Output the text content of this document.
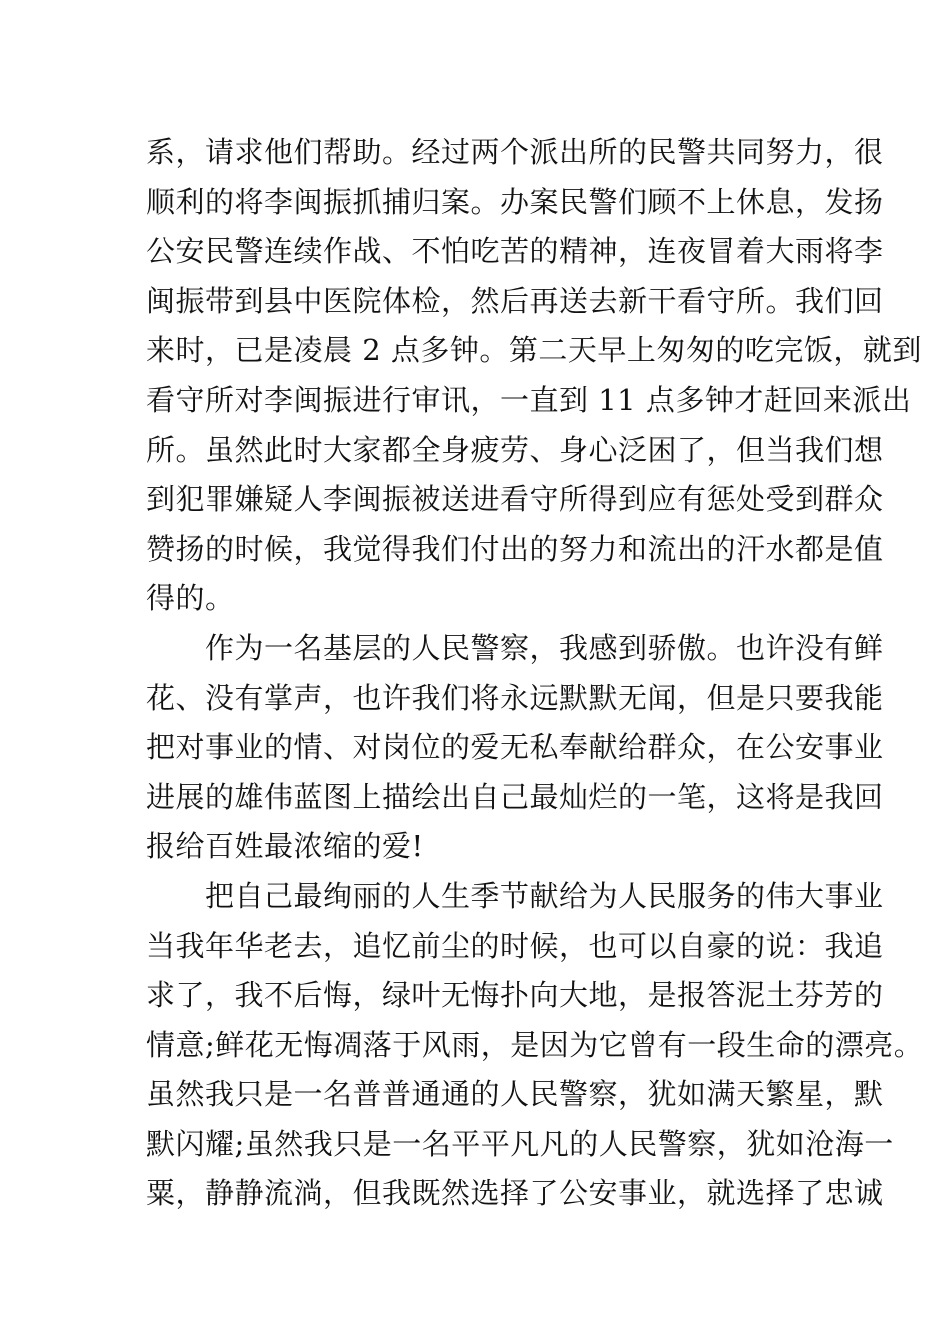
系，请求他们帮助。经过两个派出所的民警共同努力，很
顺利的将李闽振抓捕归案。办案民警们顾不上休息，发扬
公安民警连续作战、不怕吃苦的精神，连夜冒着大雨将李
闽振带到县中医院体检，然后再送去新干看守所。我们回
来时，已是凌晨 2 点多钟。第二天早上匆匆的吃完饭，就到
看守所对李闽振进行审讯，一直到 11 点多钟才赶回来派出
所。虽然此时大家都全身疲劳、身心泛困了，但当我们想
到犯罪嫌疑人李闽振被送进看守所得到应有惩处受到群众
赞扬的时候，我觉得我们付出的努力和流出的汗水都是值
得的。
　　作为一名基层的人民警察，我感到骄傲。也许没有鲜
花、没有掌声，也许我们将永远默默无闻，但是只要我能
把对事业的情、对岗位的爱无私奉献给群众，在公安事业
进展的雄伟蓝图上描绘出自己最灿烂的一笔，这将是我回
报给百姓最浓缩的爱!
　　把自己最绚丽的人生季节献给为人民服务的伟大事业
当我年华老去，追忆前尘的时候，也可以自豪的说：我追
求了，我不后悔，绿叶无悔扑向大地，是报答泥土芬芳的
情意;鲜花无悔凋落于风雨，是因为它曾有一段生命的漂亮。
虽然我只是一名普普通通的人民警察，犹如满天繁星，默
默闪耀;虽然我只是一名平平凡凡的人民警察，犹如沧海一
粟，静静流淌，但我既然选择了公安事业，就选择了忠诚
